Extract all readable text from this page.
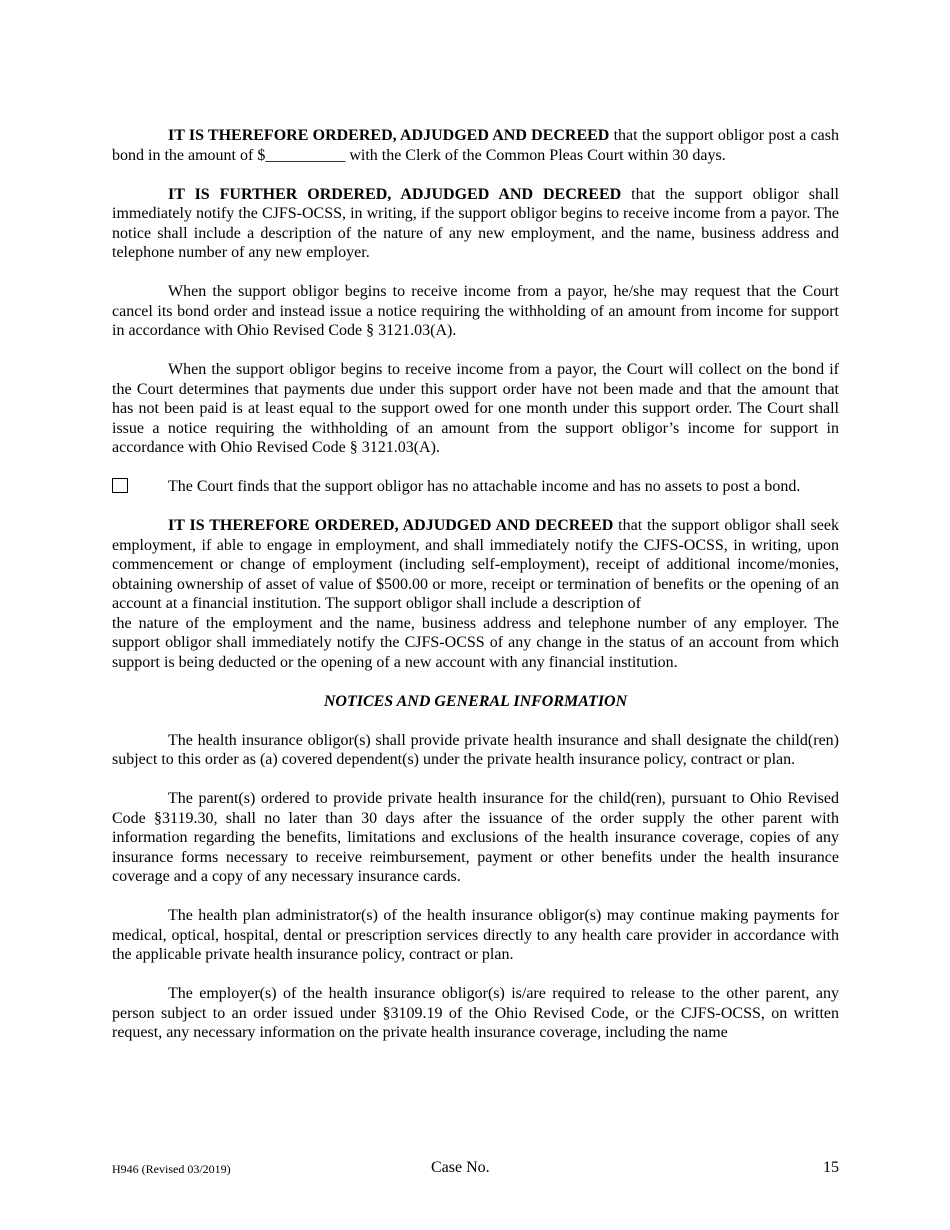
IT IS THEREFORE ORDERED, ADJUDGED AND DECREED that the support obligor post a cash bond in the amount of $__________ with the Clerk of the Common Pleas Court within 30 days.

IT IS FURTHER ORDERED, ADJUDGED AND DECREED that the support obligor shall immediately notify the CJFS-OCSS, in writing, if the support obligor begins to receive income from a payor. The notice shall include a description of the nature of any new employment, and the name, business address and telephone number of any new employer.

When the support obligor begins to receive income from a payor, he/she may request that the Court cancel its bond order and instead issue a notice requiring the withholding of an amount from income for support in accordance with Ohio Revised Code § 3121.03(A).

When the support obligor begins to receive income from a payor, the Court will collect on the bond if the Court determines that payments due under this support order have not been made and that the amount that has not been paid is at least equal to the support owed for one month under this support order. The Court shall issue a notice requiring the withholding of an amount from the support obligor’s income for support in accordance with Ohio Revised Code § 3121.03(A).

The Court finds that the support obligor has no attachable income and has no assets to post a bond.

IT IS THEREFORE ORDERED, ADJUDGED AND DECREED that the support obligor shall seek employment, if able to engage in employment, and shall immediately notify the CJFS-OCSS, in writing, upon commencement or change of employment (including self-employment), receipt of additional income/monies, obtaining ownership of asset of value of $500.00 or more, receipt or termination of benefits or the opening of an account at a financial institution. The support obligor shall include a description of

the nature of the employment and the name, business address and telephone number of any employer. The support obligor shall immediately notify the CJFS-OCSS of any change in the status of an account from which support is being deducted or the opening of a new account with any financial institution.

NOTICES AND GENERAL INFORMATION

The health insurance obligor(s) shall provide private health insurance and shall designate the child(ren) subject to this order as (a) covered dependent(s) under the private health insurance policy, contract or plan.

The parent(s) ordered to provide private health insurance for the child(ren), pursuant to Ohio Revised Code §3119.30, shall no later than 30 days after the issuance of the order supply the other parent with information regarding the benefits, limitations and exclusions of the health insurance coverage, copies of any insurance forms necessary to receive reimbursement, payment or other benefits under the health insurance coverage and a copy of any necessary insurance cards.

The health plan administrator(s) of the health insurance obligor(s) may continue making payments for medical, optical, hospital, dental or prescription services directly to any health care provider in accordance with the applicable private health insurance policy, contract or plan.

The employer(s) of the health insurance obligor(s) is/are required to release to the other parent, any person subject to an order issued under §3109.19 of the Ohio Revised Code, or the CJFS-OCSS, on written request, any necessary information on the private health insurance coverage, including the name

H946 (Revised 03/2019)	Case No.	15
